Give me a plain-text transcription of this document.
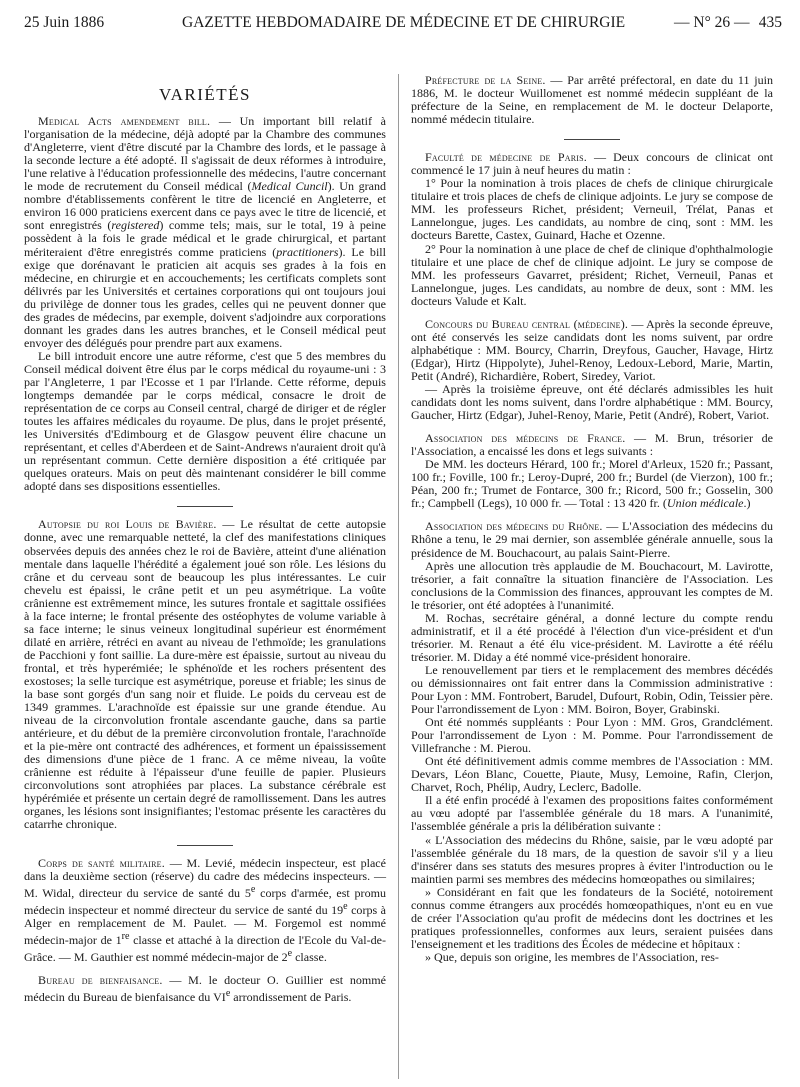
25 Juin 1886	GAZETTE HEBDOMADAIRE DE MÉDECINE ET DE CHIRURGIE	— N° 26 — 435
VARIÉTÉS

Medical Acts amendement bill. — Un important bill relatif à l'organisation de la médecine, déjà adopté par la Chambre des communes d'Angleterre, vient d'être discuté par la Chambre des lords, et le passage à la seconde lecture a été adopté. Il s'agissait de deux réformes à introduire, l'une relative à l'éducation professionnelle des médecins, l'autre concernant le mode de recrutement du Conseil médical (Medical Cuncil). Un grand nombre d'établissements confèrent le titre de licencié en Angleterre, et environ 16 000 praticiens exercent dans ce pays avec le titre de licencié, et sont enregistrés (registered) comme tels; mais, sur le total, 19 à peine possèdent à la fois le grade médical et le grade chirurgical, et partant mériteraient d'être enregistrés comme praticiens (practitioners). Le bill exige que dorénavant le praticien ait acquis ses grades à la fois en médecine, en chirurgie et en accouchements; les certificats complets sont délivrés par les Universités et certaines corporations qui ont toujours joui du privilège de donner tous les grades, celles qui ne peuvent donner que des grades de médecins, par exemple, doivent s'adjoindre aux corporations donnant les grades dans les autres branches, et le Conseil médical peut envoyer des délégués pour prendre part aux examens.

Le bill introduit encore une autre réforme, c'est que 5 des membres du Conseil médical doivent être élus par le corps médical du royaume-uni : 3 par l'Angleterre, 1 par l'Ecosse et 1 par l'Irlande. Cette réforme, depuis longtemps demandée par le corps médical, consacre le droit de représentation de ce corps au Conseil central, chargé de diriger et de régler toutes les affaires médicales du royaume. De plus, dans le projet présenté, les Universités d'Edimbourg et de Glasgow peuvent élire chacune un représentant, et celles d'Aberdeen et de Saint-Andrews n'auraient droit qu'à un représentant commun. Cette dernière disposition a été critiquée par quelques orateurs. Mais on peut dès maintenant considérer le bill comme adopté dans ses dispositions essentielles.

Autopsie du roi Louis de Bavière. — Le résultat de cette autopsie donne, avec une remarquable netteté, la clef des manifestations cliniques observées depuis des années chez le roi de Bavière, atteint d'une aliénation mentale dans laquelle l'hérédité a également joué son rôle. Les lésions du crâne et du cerveau sont de beaucoup les plus intéressantes. Le cuir chevelu est épaissi, le crâne petit et un peu asymétrique. La voûte crânienne est extrêmement mince, les sutures frontale et sagittale ossifiées à la face interne; le frontal présente des ostéophytes de volume variable à sa face interne; le sinus veineux longitudinal supérieur est énormément dilaté en arrière, rétréci en avant au niveau de l'ethmoïde; les granulations de Pacchioni y font saillie. La dure-mère est épaissie, surtout au niveau du frontal, et très hyperémiée; le sphénoïde et les rochers présentent des exostoses; la selle turcique est asymétrique, poreuse et friable; les sinus de la base sont gorgés d'un sang noir et fluide. Le poids du cerveau est de 1349 grammes. L'arachnoïde est épaissie sur une grande étendue. Au niveau de la circonvolution frontale ascendante gauche, dans sa partie antérieure, et du début de la première circonvolution frontale, l'arachnoïde et la pie-mère ont contracté des adhérences, et forment un épaississement des dimensions d'une pièce de 1 franc. A ce même niveau, la voûte crânienne est réduite à l'épaisseur d'une feuille de papier. Plusieurs circonvolutions sont atrophiées par places. La substance cérébrale est hypérémiée et présente un certain degré de ramollissement. Dans les autres organes, les lésions sont insignifiantes; l'estomac présente les caractères du catarrhe chronique.

Corps de santé militaire. — M. Levié, médecin inspecteur, est placé dans la deuxième section (réserve) du cadre des médecins inspecteurs. — M. Widal, directeur du service de santé du 5e corps d'armée, est promu médecin inspecteur et nommé directeur du service de santé du 19e corps à Alger en remplacement de M. Paulet. — M. Forgemol est nommé médecin-major de 1re classe et attaché à la direction de l'Ecole du Val-de-Grâce. — M. Gauthier est nommé médecin-major de 2e classe.

Bureau de bienfaisance. — M. le docteur O. Guillier est nommé médecin du Bureau de bienfaisance du VIe arrondissement de Paris.

Préfecture de la Seine. — Par arrêté préfectoral, en date du 11 juin 1886, M. le docteur Wuillomenet est nommé médecin suppléant de la préfecture de la Seine, en remplacement de M. le docteur Delaporte, nommé médecin titulaire.

Faculté de médecine de Paris. — Deux concours de clinicat ont commencé le 17 juin à neuf heures du matin :

1° Pour la nomination à trois places de chefs de clinique chirurgicale titulaire et trois places de chefs de clinique adjoints. Le jury se compose de MM. les professeurs Richet, président; Verneuil, Trélat, Panas et Lannelongue, juges. Les candidats, au nombre de cinq, sont : MM. les docteurs Barette, Castex, Guinard, Hache et Ozenne.

2° Pour la nomination à une place de chef de clinique d'ophthalmologie titulaire et une place de chef de clinique adjoint. Le jury se compose de MM. les professeurs Gavarret, président; Richet, Verneuil, Panas et Lannelongue, juges. Les candidats, au nombre de deux, sont : MM. les docteurs Valude et Kalt.

Concours du Bureau central (médecine). — Après la seconde épreuve, ont été conservés les seize candidats dont les noms suivent, par ordre alphabétique : MM. Bourcy, Charrin, Dreyfous, Gaucher, Havage, Hirtz (Edgar), Hirtz (Hippolyte), Juhel-Renoy, Ledoux-Lebord, Marie, Martin, Petit (André), Richardière, Robert, Siredey, Variot.

— Après la troisième épreuve, ont été déclarés admissibles les huit candidats dont les noms suivent, dans l'ordre alphabétique : MM. Bourcy, Gaucher, Hirtz (Edgar), Juhel-Renoy, Marie, Petit (André), Robert, Variot.

Association des médecins de France. — M. Brun, trésorier de l'Association, a encaissé les dons et legs suivants :

De MM. les docteurs Hérard, 100 fr.; Morel d'Arleux, 1520 fr.; Passant, 100 fr.; Foville, 100 fr.; Leroy-Dupré, 200 fr.; Burdel (de Vierzon), 100 fr.; Péan, 200 fr.; Trumet de Fontarce, 300 fr.; Ricord, 500 fr.; Gosselin, 300 fr.; Campbell (Legs), 10 000 fr. — Total : 13 420 fr. (Union médicale.)

Association des médecins du Rhône. — L'Association des médecins du Rhône a tenu, le 29 mai dernier, son assemblée générale annuelle, sous la présidence de M. Bouchacourt, au palais Saint-Pierre.

Après une allocution très applaudie de M. Bouchacourt, M. Lavirotte, trésorier, a fait connaître la situation financière de l'Association. Les conclusions de la Commission des finances, approuvant les comptes de M. le trésorier, ont été adoptées à l'unanimité.

M. Rochas, secrétaire général, a donné lecture du compte rendu administratif, et il a été procédé à l'élection d'un vice-président et d'un trésorier. M. Renaut a été élu vice-président. M. Lavirotte a été réélu trésorier. M. Diday a été nommé vice-président honoraire.

Le renouvellement par tiers et le remplacement des membres décédés ou démissionnaires ont fait entrer dans la Commission administrative : Pour Lyon : MM. Fontrobert, Barudel, Dufourt, Robin, Odin, Teissier père. Pour l'arrondissement de Lyon : MM. Boiron, Boyer, Grabinski.

Ont été nommés suppléants : Pour Lyon : MM. Gros, Grandclément. Pour l'arrondissement de Lyon : M. Pomme. Pour l'arrondissement de Villefranche : M. Pierou.

Ont été définitivement admis comme membres de l'Association : MM. Devars, Léon Blanc, Couette, Piaute, Musy, Lemoine, Rafin, Clerjon, Charvet, Roch, Phélip, Audry, Leclerc, Badolle.

Il a été enfin procédé à l'examen des propositions faites conformément au vœu adopté par l'assemblée générale du 18 mars. A l'unanimité, l'assemblée générale a pris la délibération suivante :

« L'Association des médecins du Rhône, saisie, par le vœu adopté par l'assemblée générale du 18 mars, de la question de savoir s'il y a lieu d'insérer dans ses statuts des mesures propres à éviter l'introduction ou le maintien parmi ses membres des médecins homœopathes ou similaires;

» Considérant en fait que les fondateurs de la Société, notoirement connus comme étrangers aux procédés homœopathiques, n'ont eu en vue de créer l'Association qu'au profit de médecins dont les doctrines et les pratiques professionnelles, conformes aux leurs, seraient puisées dans l'enseignement et les traditions des Écoles de médecine et hôpitaux :

» Que, depuis son origine, les membres de l'Association, res-
